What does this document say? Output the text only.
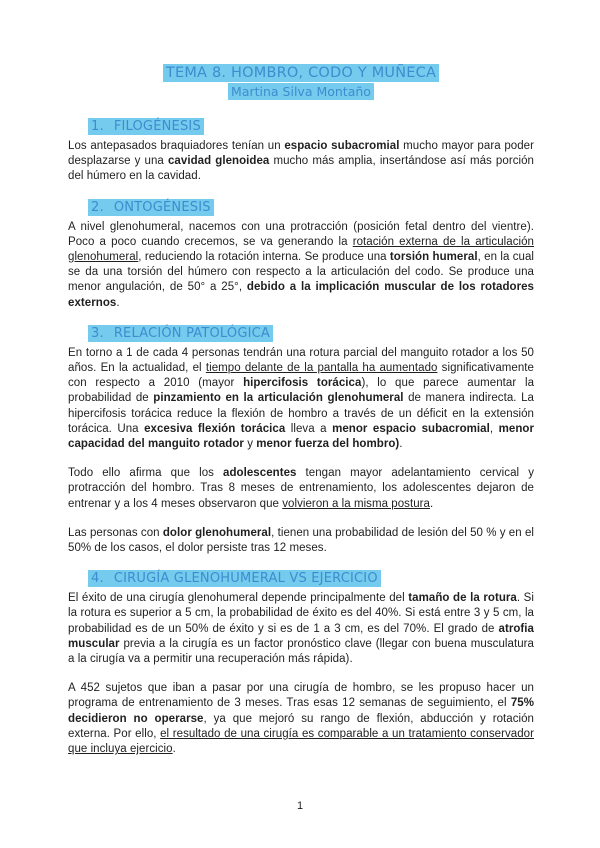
TEMA 8. HOMBRO, CODO Y MUÑECA
Martina Silva Montaño
1. FILOGÉNESIS

Los antepasados braquiadores tenían un espacio subacromial mucho mayor para poder desplazarse y una cavidad glenoidea mucho más amplia, insertándose así más porción del húmero en la cavidad.

2. ONTOGÉNESIS

A nivel glenohumeral, nacemos con una protracción (posición fetal dentro del vientre). Poco a poco cuando crecemos, se va generando la rotación externa de la articulación glenohumeral, reduciendo la rotación interna. Se produce una torsión humeral, en la cual se da una torsión del húmero con respecto a la articulación del codo. Se produce una menor angulación, de 50° a 25°, debido a la implicación muscular de los rotadores externos.

3. RELACIÓN PATOLÓGICA

En torno a 1 de cada 4 personas tendrán una rotura parcial del manguito rotador a los 50 años. En la actualidad, el tiempo delante de la pantalla ha aumentado significativamente con respecto a 2010 (mayor hipercifosis torácica), lo que parece aumentar la probabilidad de pinzamiento en la articulación glenohumeral de manera indirecta. La hipercifosis torácica reduce la flexión de hombro a través de un déficit en la extensión torácica. Una excesiva flexión torácica lleva a menor espacio subacromial, menor capacidad del manguito rotador y menor fuerza del hombro).

Todo ello afirma que los adolescentes tengan mayor adelantamiento cervical y protracción del hombro. Tras 8 meses de entrenamiento, los adolescentes dejaron de entrenar y a los 4 meses observaron que volvieron a la misma postura.

Las personas con dolor glenohumeral, tienen una probabilidad de lesión del 50 % y en el 50% de los casos, el dolor persiste tras 12 meses.

4. CIRUGÍA GLENOHUMERAL VS EJERCICIO

El éxito de una cirugía glenohumeral depende principalmente del tamaño de la rotura. Si la rotura es superior a 5 cm, la probabilidad de éxito es del 40%. Si está entre 3 y 5 cm, la probabilidad es de un 50% de éxito y si es de 1 a 3 cm, es del 70%. El grado de atrofia muscular previa a la cirugía es un factor pronóstico clave (llegar con buena musculatura a la cirugía va a permitir una recuperación más rápida).

A 452 sujetos que iban a pasar por una cirugía de hombro, se les propuso hacer un programa de entrenamiento de 3 meses. Tras esas 12 semanas de seguimiento, el 75% decidieron no operarse, ya que mejoró su rango de flexión, abducción y rotación externa. Por ello, el resultado de una cirugía es comparable a un tratamiento conservador que incluya ejercicio.

1
